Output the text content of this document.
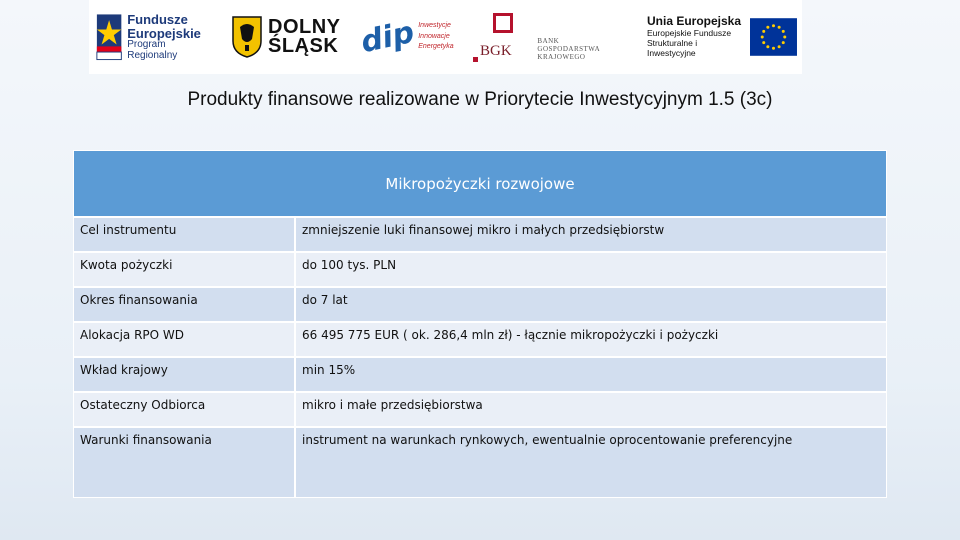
Fundusze
Europejskie
Program Regionalny
DOLNY
ŚLĄSK dip Inwestycje
Innowacje
Energetyka BGK
BANK GOSPODARSTWA
KRAJOWEGO
Unia Europejska
Europejskie Fundusze
Strukturalne i Inwestycyjne
Produkty finansowe realizowane w Priorytecie Inwestycyjnym 1.5 (3c)
Mikropożyczki rozwojowe
Cel instrumentu	zmniejszenie luki finansowej mikro i małych przedsiębiorstw
Kwota pożyczki	do 100 tys. PLN
Okres finansowania	do 7 lat
Alokacja RPO WD	66 495 775 EUR ( ok. 286,4 mln zł) - łącznie mikropożyczki i pożyczki
Wkład krajowy	min 15%
Ostateczny Odbiorca	mikro i małe przedsiębiorstwa
Warunki finansowania	instrument na warunkach rynkowych, ewentualnie oprocentowanie preferencyjne
